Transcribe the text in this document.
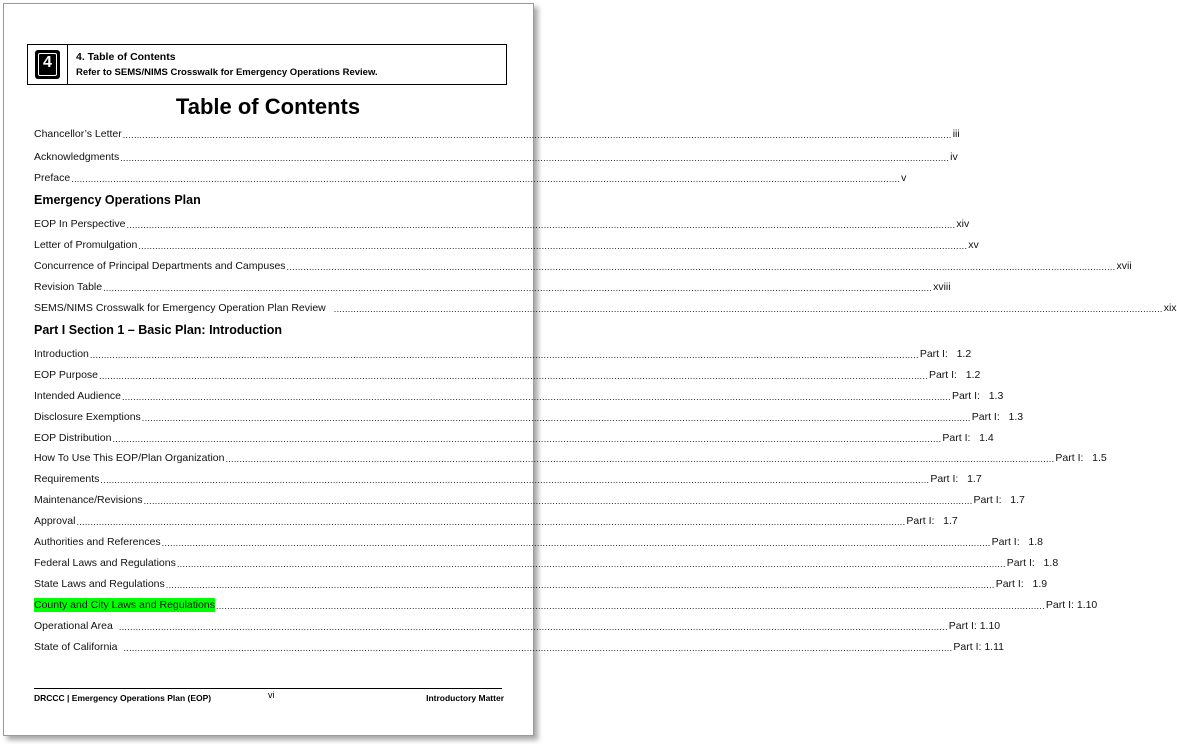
4	4. Table of Contents
Refer to SEMS/NIMS Crosswalk for Emergency Operations Review.
Table of Contents
Chancellor’s Letter ........................................................................................................................................................................................................................................................................................................ iii
Acknowledgments ........................................................................................................................................................................................................................................................................................................ iv
Preface ........................................................................................................................................................................................................................................................................................................ v
Emergency Operations Plan
EOP In Perspective ........................................................................................................................................................................................................................................................................................................ xiv
Letter of Promulgation ........................................................................................................................................................................................................................................................................................................ xv
Concurrence of Principal Departments and Campuses ........................................................................................................................................................................................................................................................................................................ xvii
Revision Table ........................................................................................................................................................................................................................................................................................................ xviii
SEMS/NIMS Crosswalk for Emergency Operation Plan Review ........................................................................................................................................................................................................................................................................................................ xix
Part I Section 1 – Basic Plan: Introduction
Introduction ........................................................................................................................................................................................................................................................................................................ Part I:   1.2
EOP Purpose ........................................................................................................................................................................................................................................................................................................ Part I:   1.2
Intended Audience ........................................................................................................................................................................................................................................................................................................ Part I:   1.3
Disclosure Exemptions ........................................................................................................................................................................................................................................................................................................ Part I:   1.3
EOP Distribution ........................................................................................................................................................................................................................................................................................................ Part I:   1.4
How To Use This EOP/Plan Organization ........................................................................................................................................................................................................................................................................................................ Part I:   1.5
Requirements ........................................................................................................................................................................................................................................................................................................ Part I:   1.7
Maintenance/Revisions ........................................................................................................................................................................................................................................................................................................ Part I:   1.7
Approval ........................................................................................................................................................................................................................................................................................................ Part I:   1.7
Authorities and References ........................................................................................................................................................................................................................................................................................................ Part I:   1.8
Federal Laws and Regulations ........................................................................................................................................................................................................................................................................................................ Part I:   1.8
State Laws and Regulations ........................................................................................................................................................................................................................................................................................................ Part I:   1.9
County and City Laws and Regulations ........................................................................................................................................................................................................................................................................................................ Part I: 1.10
Operational Area ........................................................................................................................................................................................................................................................................................................ Part I: 1.10
State of California ........................................................................................................................................................................................................................................................................................................ Part I: 1.11
DRCCC | Emergency Operations Plan (EOP)	vi	Introductory Matter
